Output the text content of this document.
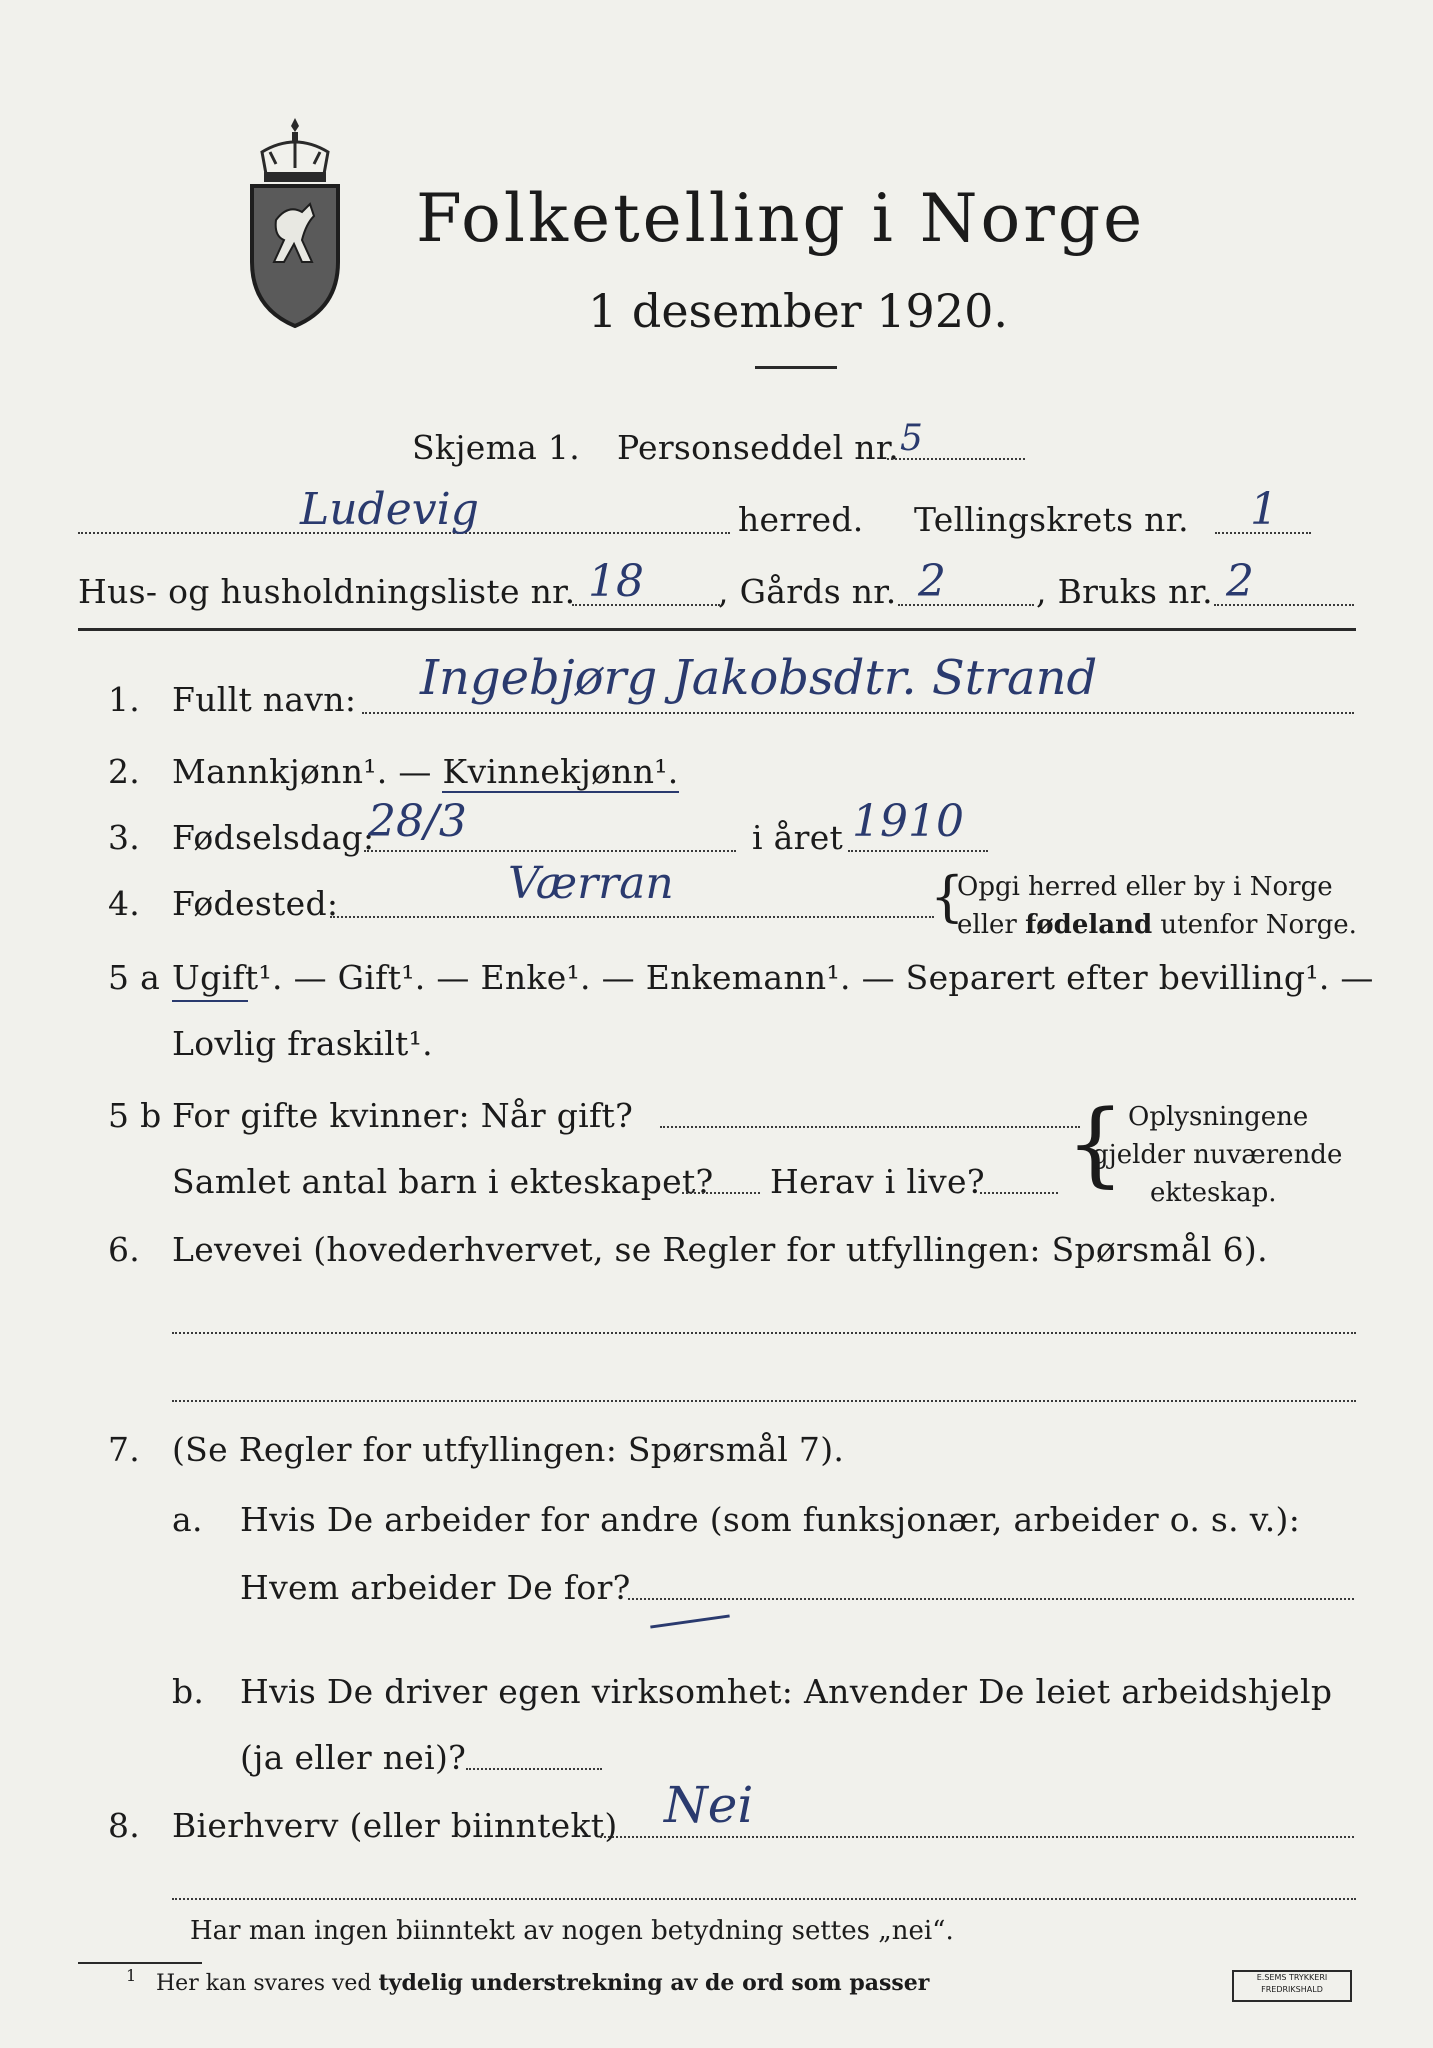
Folketelling i Norge
1 desember 1920.
Skjema 1. Personseddel nr. 5
Ludevig	herred. Tellingskrets nr. 1
Hus- og husholdningsliste nr. 18 , Gårds nr. 2	, Bruks nr. 2
1. Fullt navn: Ingebjørg Jakobsdtr. Strand
2. Mannkjønn¹. — Kvinnekjønn¹.
3. Fødselsdag:
28/3	i året 1910
4. Fødested:	Værran	{
Opgi herred eller by i Norge
eller fødeland utenfor Norge.
5 a Ugift¹. — Gift¹. — Enke¹. — Enkemann¹. — Separert efter bevilling¹. —
Lovlig fraskilt¹.
5 b For gifte kvinner: Når gift?
Samlet antal barn i ekteskapet? Herav i live? { Oplysningene
gjelder nuværende
ekteskap.
6. Levevei (hovederhvervet, se Regler for utfyllingen: Spørsmål 6).
7. (Se Regler for utfyllingen: Spørsmål 7).
a. Hvis De arbeider for andre (som funksjonær, arbeider o. s. v.):
Hvem arbeider De for?
b. Hvis De driver egen virksomhet: Anvender De leiet arbeidshjelp
(ja eller nei)?
8. Bierhverv (eller biinntekt) Nei
Har man ingen biinntekt av nogen betydning settes „nei“.
1 Her kan svares ved tydelig understrekning av de ord som passer	E.SEMS TRYKKERI
FREDRIKSHALD
